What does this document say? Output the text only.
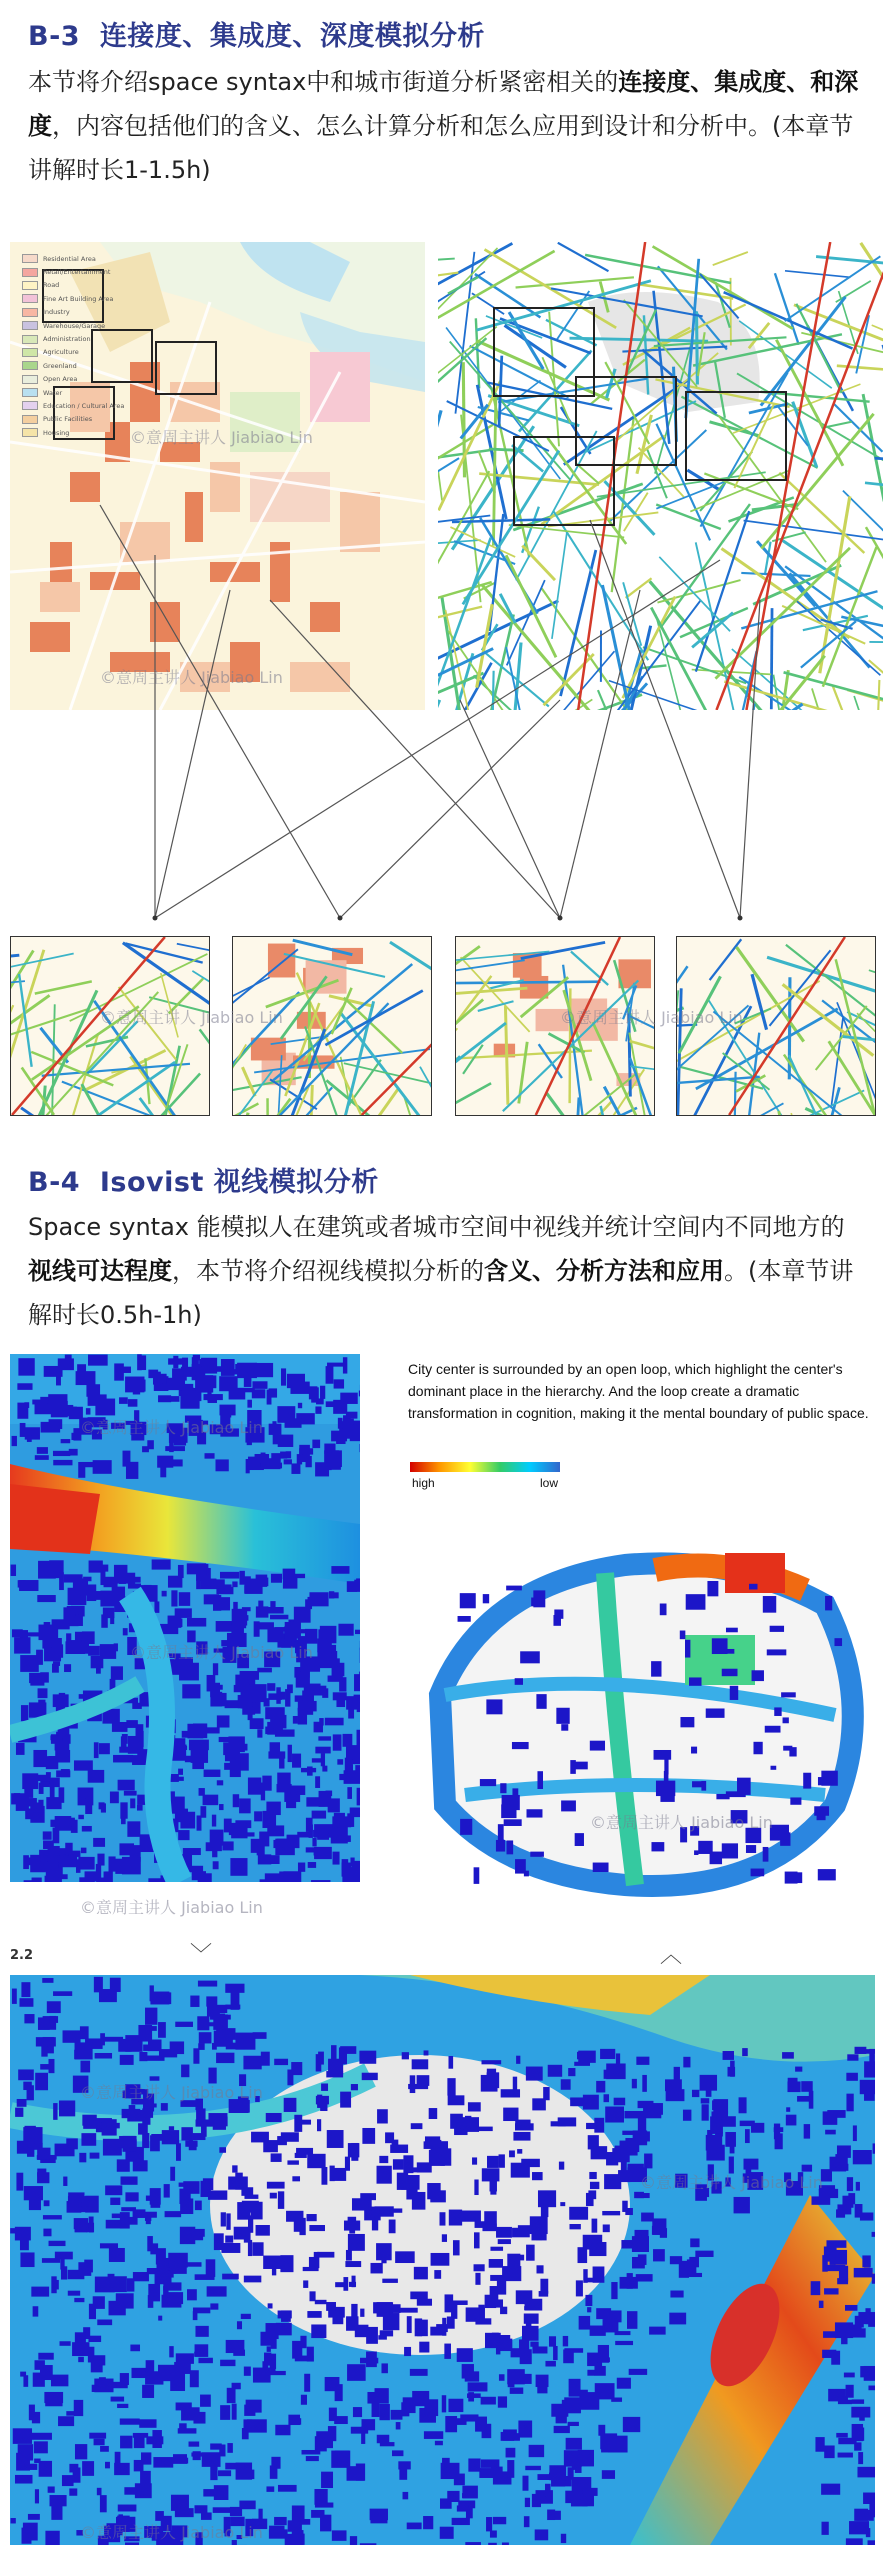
B-3 连接度、集成度、深度模拟分析
本节将介绍space syntax中和城市街道分析紧密相关的连接度、集成度、和深度，内容包括他们的含义、怎么计算分析和怎么应用到设计和分析中。(本章节讲解时长1-1.5h)
Residential Area
Retail/Entertainment
Road
Fine Art Building Area
Industry
Warehouse/Garage
Administration
Agriculture
Greenland
Open Area
Water
Education / Cultural Area
Public Facilities
Housing
B-4 Isovist 视线模拟分析
Space syntax 能模拟人在建筑或者城市空间中视线并统计空间内不同地方的视线可达程度，本节将介绍视线模拟分析的含义、分析方法和应用。(本章节讲解时长0.5h-1h)
City center is surrounded by an open loop, which highlight the center's dominant place in the hierarchy. And the loop create a dramatic transformation in cognition, making it the mental boundary of public space.
high	low
2.2	﹀	︿
©意周主讲人 Jiabiao Lin
©意周主讲人 Jiabiao Lin
©意周主讲人 Jiabiao Lin	©意周主讲人 Jiabiao Lin
©意周主讲人 Jiabiao Lin
©意周主讲人 Jiabiao Lin
©意周主讲人 Jiabiao Lin
©意周主讲人 Jiabiao Lin
©意周主讲人 Jiabiao Lin
©意周主讲人 Jiabiao Lin
©意周主讲人 Jiabiao Lin
